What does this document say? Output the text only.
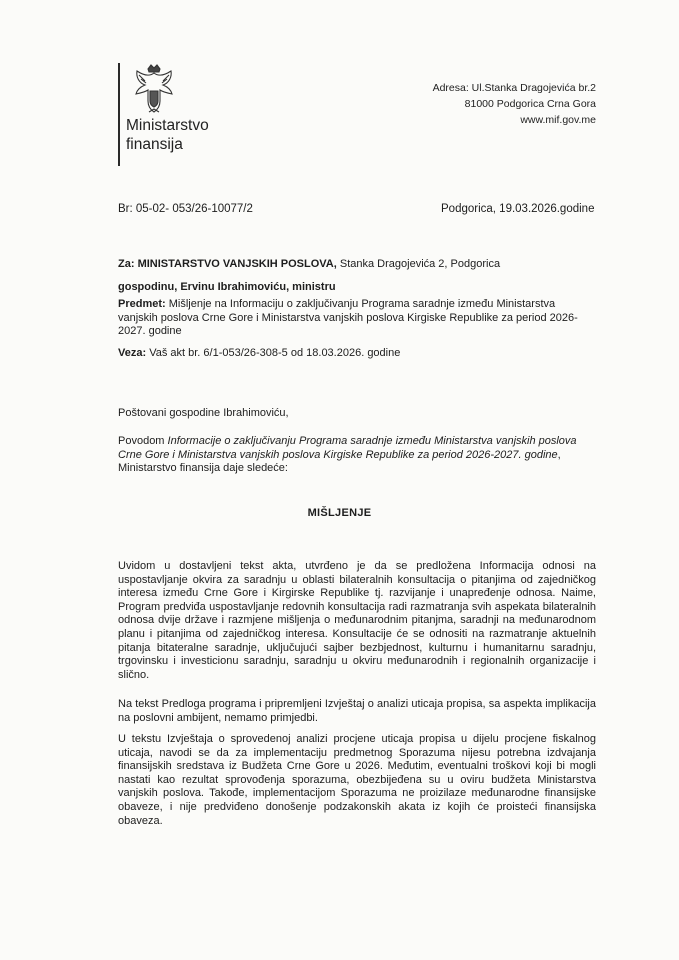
Ministarstvo
finansija
Adresa: Ul.Stanka Dragojevića br.2
81000 Podgorica Crna Gora
www.mif.gov.me
Br: 05-02- 053/26-10077/2	Podgorica, 19.03.2026.godine
Za: MINISTARSTVO VANJSKIH POSLOVA, Stanka Dragojevića 2, Podgorica
gospodinu, Ervinu Ibrahimoviću, ministru
Predmet: Mišljenje na Informaciju o zaključivanju Programa saradnje između Ministarstva vanjskih poslova Crne Gore i Ministarstva vanjskih poslova Kirgiske Republike za period 2026-2027. godine
Veza: Vaš akt br. 6/1-053/26-308-5 od 18.03.2026. godine
Poštovani gospodine Ibrahimoviću,
Povodom Informacije o zaključivanju Programa saradnje između Ministarstva vanjskih poslova Crne Gore i Ministarstva vanjskih poslova Kirgiske Republike za period 2026-2027. godine, Ministarstvo finansija daje sledeće:
MIŠLJENJE
Uvidom u dostavljeni tekst akta, utvrđeno je da se predložena Informacija odnosi na uspostavljanje okvira za saradnju u oblasti bilateralnih konsultacija o pitanjima od zajedničkog interesa između Crne Gore i Kirgirske Republike tj. razvijanje i unapređenje odnosa. Naime, Program predviđa uspostavljanje redovnih konsultacija radi razmatranja svih aspekata bilateralnih odnosa dvije države i razmjene mišljenja o međunarodnim pitanjma, saradnji na međunarodnom planu i pitanjima od zajedničkog interesa. Konsultacije će se odnositi na razmatranje aktuelnih pitanja bitateralne saradnje, uključujući sajber bezbjednost, kulturnu i humanitarnu saradnju, trgovinsku i investicionu saradnju, saradnju u okviru međunarodnih i regionalnih organizacije i slično.
Na tekst Predloga programa i pripremljeni Izvještaj o analizi uticaja propisa, sa aspekta implikacija na poslovni ambijent, nemamo primjedbi.
U tekstu Izvještaja o sprovedenoj analizi procjene uticaja propisa u dijelu procjene fiskalnog uticaja, navodi se da za implementaciju predmetnog Sporazuma nijesu potrebna izdvajanja finansijskih sredstava iz Budžeta Crne Gore u 2026. Međutim, eventualni troškovi koji bi mogli nastati kao rezultat sprovođenja sporazuma, obezbijeđena su u oviru budžeta Ministarstva vanjskih poslova. Takođe, implementacijom Sporazuma ne proizilaze međunarodne finansijske obaveze, i nije predviđeno donošenje podzakonskih akata iz kojih će proisteći finansijska obaveza.
